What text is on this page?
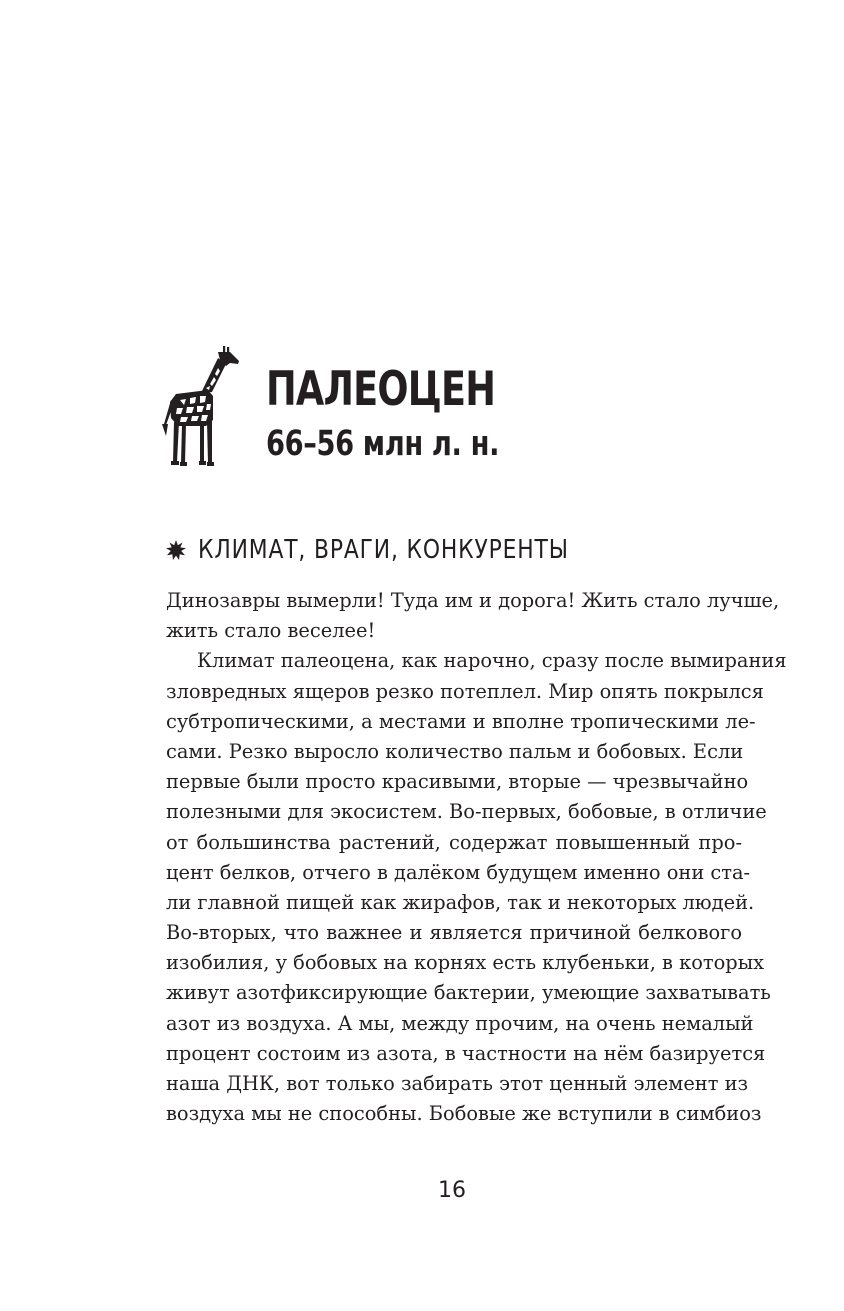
ПАЛЕОЦЕН
66–56 млн л. н.
КЛИМАТ, ВРАГИ, КОНКУРЕНТЫ
Динозавры вымерли! Туда им и дорога! Жить стало лучше,
жить стало веселее!
Климат палеоцена, как нарочно, сразу после вымирания
зловредных ящеров резко потеплел. Мир опять покрылся
субтропическими, а местами и вполне тропическими ле-
сами. Резко выросло количество пальм и бобовых. Если
первые были просто красивыми, вторые — чрезвычайно
полезными для экосистем. Во-первых, бобовые, в отличие
от большинства растений, содержат повышенный про-
цент белков, отчего в далёком будущем именно они ста-
ли главной пищей как жирафов, так и некоторых людей.
Во-вторых, что важнее и является причиной белкового
изобилия, у бобовых на корнях есть клубеньки, в которых
живут азотфиксирующие бактерии, умеющие захватывать
азот из воздуха. А мы, между прочим, на очень немалый
процент состоим из азота, в частности на нём базируется
наша ДНК, вот только забирать этот ценный элемент из
воздуха мы не способны. Бобовые же вступили в симбиоз
16
